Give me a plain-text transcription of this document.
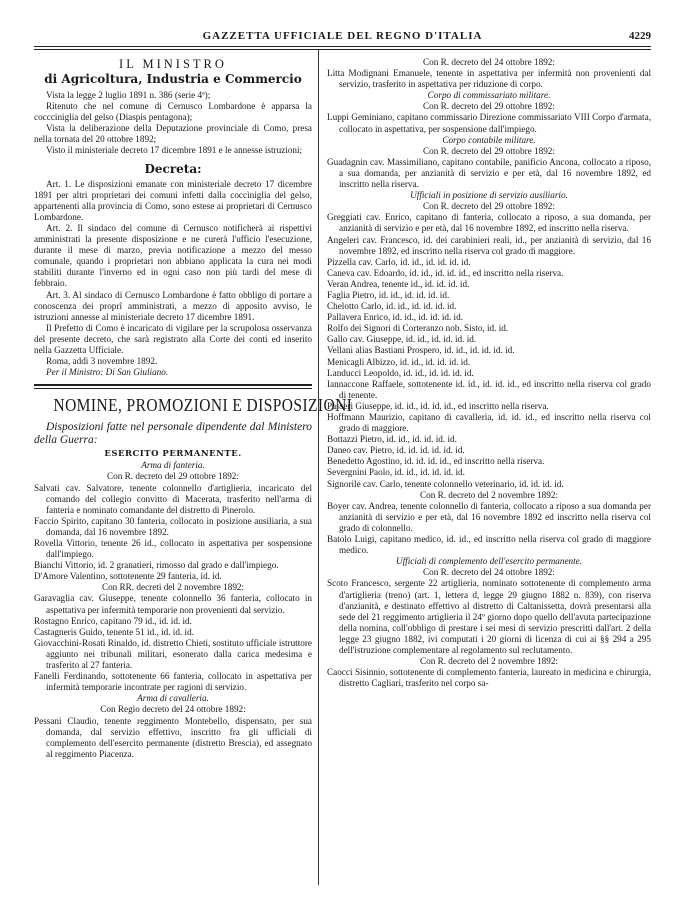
GAZZETTA UFFICIALE DEL REGNO D'ITALIA	4229
IL MINISTRO
di Agricoltura, Industria e Commercio

Vista la legge 2 luglio 1891 n. 386 (serie 4ª);

Ritenuto che nel comune di Cernusco Lombardone è apparsa la coccciniglia del gelso (Diaspis pentagona);

Vista la deliberazione della Deputazione provinciale di Como, presa nella tornata del 20 ottobre 1892;

Visto il ministeriale decreto 17 dicembre 1891 e le annesse istruzioni;

Decreta:

Art. 1. Le disposizioni emanate con ministeriale decreto 17 dicembre 1891 per altri proprietari dei comuni infetti dalla coccìniglia del gelso, appartenenti alla provincia di Como, sono estese ai proprietari di Cernusco Lombardone.

Art. 2. Il sindaco del comune di Cernusco notificherà ai rispettivi amministrati la presente disposizione e ne curerà l'ufficio l'esecuzione, durante il mese di marzo, previa notificazione a mezzo del messo comunale, quando i proprietari non abbiano applicata la cura nei modi stabiliti durante l'inverno ed in ogni caso non più tardi del mese di febbraio.

Art. 3. Al sindaco di Cernusco Lombardone è fatto obbligo di portare a conoscenza dei proprî amministrati, a mezzo di apposito avviso, le istruzioni annesse al ministeriale decreto 17 dicembre 1891.

Il Prefetto di Como è incaricato di vigilare per la scrupolosa osservanza del presente decreto, che sarà registrato alla Corte dei conti ed inserito nella Gazzetta Ufficiale.

Roma, addì 3 novembre 1892.

Per il Ministro: Di San Giuliano.

NOMINE, PROMOZIONI E DISPOSIZIONI

Disposizioni fatte nel personale dipendente dal Ministero della Guerra:

ESERCITO PERMANENTE.

Arma di fanteria.

Con R. decreto del 29 ottobre 1892:

Salvati cav. Salvatore, tenente colonnello d'artiglieria, incaricato del comando del collegio convitto di Macerata, trasferito nell'arma di fanteria e nominato comandante del distretto di Pinerolo.

Faccio Spirito, capitano 30 fanteria, collocato in posizione ausiliaria, a sua domanda, dal 16 novembre 1892.

Rovella Vittorio, tenente 26 id., collocato in aspettativa per sospensione dall'impiego.

Bianchi Vittorio, id. 2 granatieri, rimosso dal grado e dall'impiego.

D'Amore Valentino, sottotenente 29 fanteria, id. id.

Con RR. decreti del 2 novembre 1892:

Garavaglia cav. Giuseppe, tenente colonnello 36 fanteria, collocato in aspettativa per infermità temporarie non provenienti dal servizio.

Rostagno Enrico, capitano 79 id., id. id. id.

Castagneris Guido, tenente 51 id., id. id. id.

Giovacchini-Rosati Rinaldo, id. distretto Chieti, sostituto ufficiale istruttore aggiunto nei tribunali militari, esonerato dalla carica medesima e trasferito al 27 fanteria.

Fanelli Ferdinando, sottotenente 66 fanteria, collocato in aspettativa per infermità temporarie incontrate per ragioni di servizio.

Arma di cavalleria.

Con Regio decreto del 24 ottobre 1892:

Pessani Claudio, tenente reggimento Montebello, dispensato, per sua domanda, dal servizio effettivo, inscritto fra gli ufficiali di complemento dell'esercito permanente (distretto Brescia), ed assegnato al reggimento Piacenza.

Con R. decreto del 24 ottobre 1892:

Litta Modignani Emanuele, tenente in aspettativa per infermità non provenienti dal servizio, trasferito in aspettativa per riduzione di corpo.

Corpo di commissariato militare.

Con R. decreto del 29 ottobre 1892:

Luppi Geminiano, capitano commissario Direzione commissariato VIII Corpo d'armata, collocato in aspettativa, per sospensione dall'impiego.

Corpo contabile militare.

Con R. decreto del 29 ottobre 1892:

Guadagnin cav. Massimiliano, capitano contabile, panificio Ancona, collocato a riposo, a sua domanda, per anzianità di servizio e per età, dal 16 novembre 1892, ed inscritto nella riserva.

Ufficiali in posizione di servizio ausiliario.

Con R. decreto del 29 ottobre 1892:

Greggiati cav. Enrico, capitano di fanteria, collocato a riposo, a sua domanda, per anzianità di servizio e per età, dal 16 novembre 1892, ed inscritto nella riserva.

Angeleri cav. Francesco, id. dei carabinieri reali, id., per anzianità di servizio, dal 16 novembre 1892, ed inscritto nella riserva col grado di maggiore.

Pizzella cav. Carlo, id. id., id. id. id. id.

Caneva cav. Edoardo, id. id., id. id. id., ed inscritto nella riserva.

Veran Andrea, tenente id., id. id. id. id.

Faglia Pietro, id. id., id. id. id. id.

Chelotto Carlo, id. id., id. id. id. id.

Pallavera Enrico, id. id., id. id. id. id.

Rolfo dei Signori di Corteranzo nob. Sisto, id. id.

Gallo cav. Giuseppe, id. id., id. id. id. id.

Vellani alias Bastiani Prospero, id. id., id. id. id. id.

Menicagli Albizzo, id. id., id. id. id. id.

Landucci Leopoldo, id. id., id. id. id. id.

Iannaccone Raffaele, sottotenente id. id., id. id. id., ed inscritto nella riserva col grado di tenente.

Passeri Giuseppe, id. id., id. id. id., ed inscritto nella riserva.

Hoffmann Maurizio, capitano di cavalleria, id. id. id., ed inscritto nella riserva col grado di maggiore.

Bottazzi Pietro, id. id., id. id. id. id.

Daneo cav. Pietro, id. id. id. id. id. id.

Benedetto Agostino, id. id. id. id., ed inscritto nella riserva.

Severgnini Paolo, id. id., id. id. id. id.

Signorile cav. Carlo, tenente colonnello veterinario, id. id. id. id.

Con R. decreto del 2 novembre 1892:

Boyer cav. Andrea, tenente colonnello di fanteria, collocato a riposo a sua domanda per anzianità di servizio e per età, dal 16 novembre 1892 ed inscritto nella riserva col grado di colonnello.

Batolo Luigi, capitano medico, id. id., ed inscritto nella riserva col grado di maggiore medico.

Ufficiali di complemento dell'esercito permanente.

Con R. decreto del 24 ottobre 1892:

Scoto Francesco, sergente 22 artiglieria, nominato sottotenente di complemento arma d'artiglieria (treno) (art. 1, lettera d, legge 29 giugno 1882 n. 839), con riserva d'anzianità, e destinato effettivo al distretto di Caltanissetta, dovrà presentarsi alla sede del 21 reggimento artiglieria il 24º giorno dopo quello dell'avuta partecipazione della nomina, coll'obbligo di prestare i sei mesi di servizio prescritti dall'art. 2 della legge 23 giugno 1882, ivi computati i 20 giorni di licenza di cui ai §§ 294 a 295 dell'istruzione complementare al regolamento sul reclutamento.

Con R. decreto del 2 novembre 1892:

Caocci Sisinnio, sottotenente di complemento fanteria, laureato in medicina e chirurgia, distretto Cagliari, trasferito nel corpo sa-
